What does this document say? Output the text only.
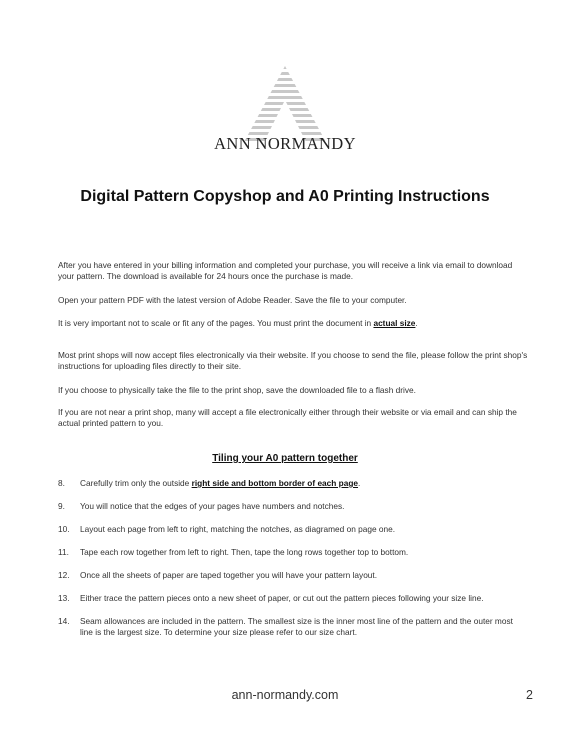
ANN NORMANDY
Digital Pattern Copyshop and A0 Printing Instructions

After you have entered in your billing information and completed your purchase, you will receive a link via email to download your pattern. The download is available for 24 hours once the purchase is made.

Open your pattern PDF with the latest version of Adobe Reader. Save the file to your computer.

It is very important not to scale or fit any of the pages. You must print the document in actual size.

Most print shops will now accept files electronically via their website. If you choose to send the file, please follow the print shop's instructions for uploading files directly to their site.

If you choose to physically take the file to the print shop, save the downloaded file to a flash drive.

If you are not near a print shop, many will accept a file electronically either through their website or via email and can ship the actual printed pattern to you.

Tiling your A0 pattern together
8. Carefully trim only the outside right side and bottom border of each page.
9. You will notice that the edges of your pages have numbers and notches.
10. Layout each page from left to right, matching the notches, as diagramed on page one.
11. Tape each row together from left to right. Then, tape the long rows together top to bottom.
12. Once all the sheets of paper are taped together you will have your pattern layout.
13. Either trace the pattern pieces onto a new sheet of paper, or cut out the pattern pieces following your size line.
14. Seam allowances are included in the pattern. The smallest size is the inner most line of the pattern and the outer most line is the largest size. To determine your size please refer to our size chart.
ann-normandy.com	2
